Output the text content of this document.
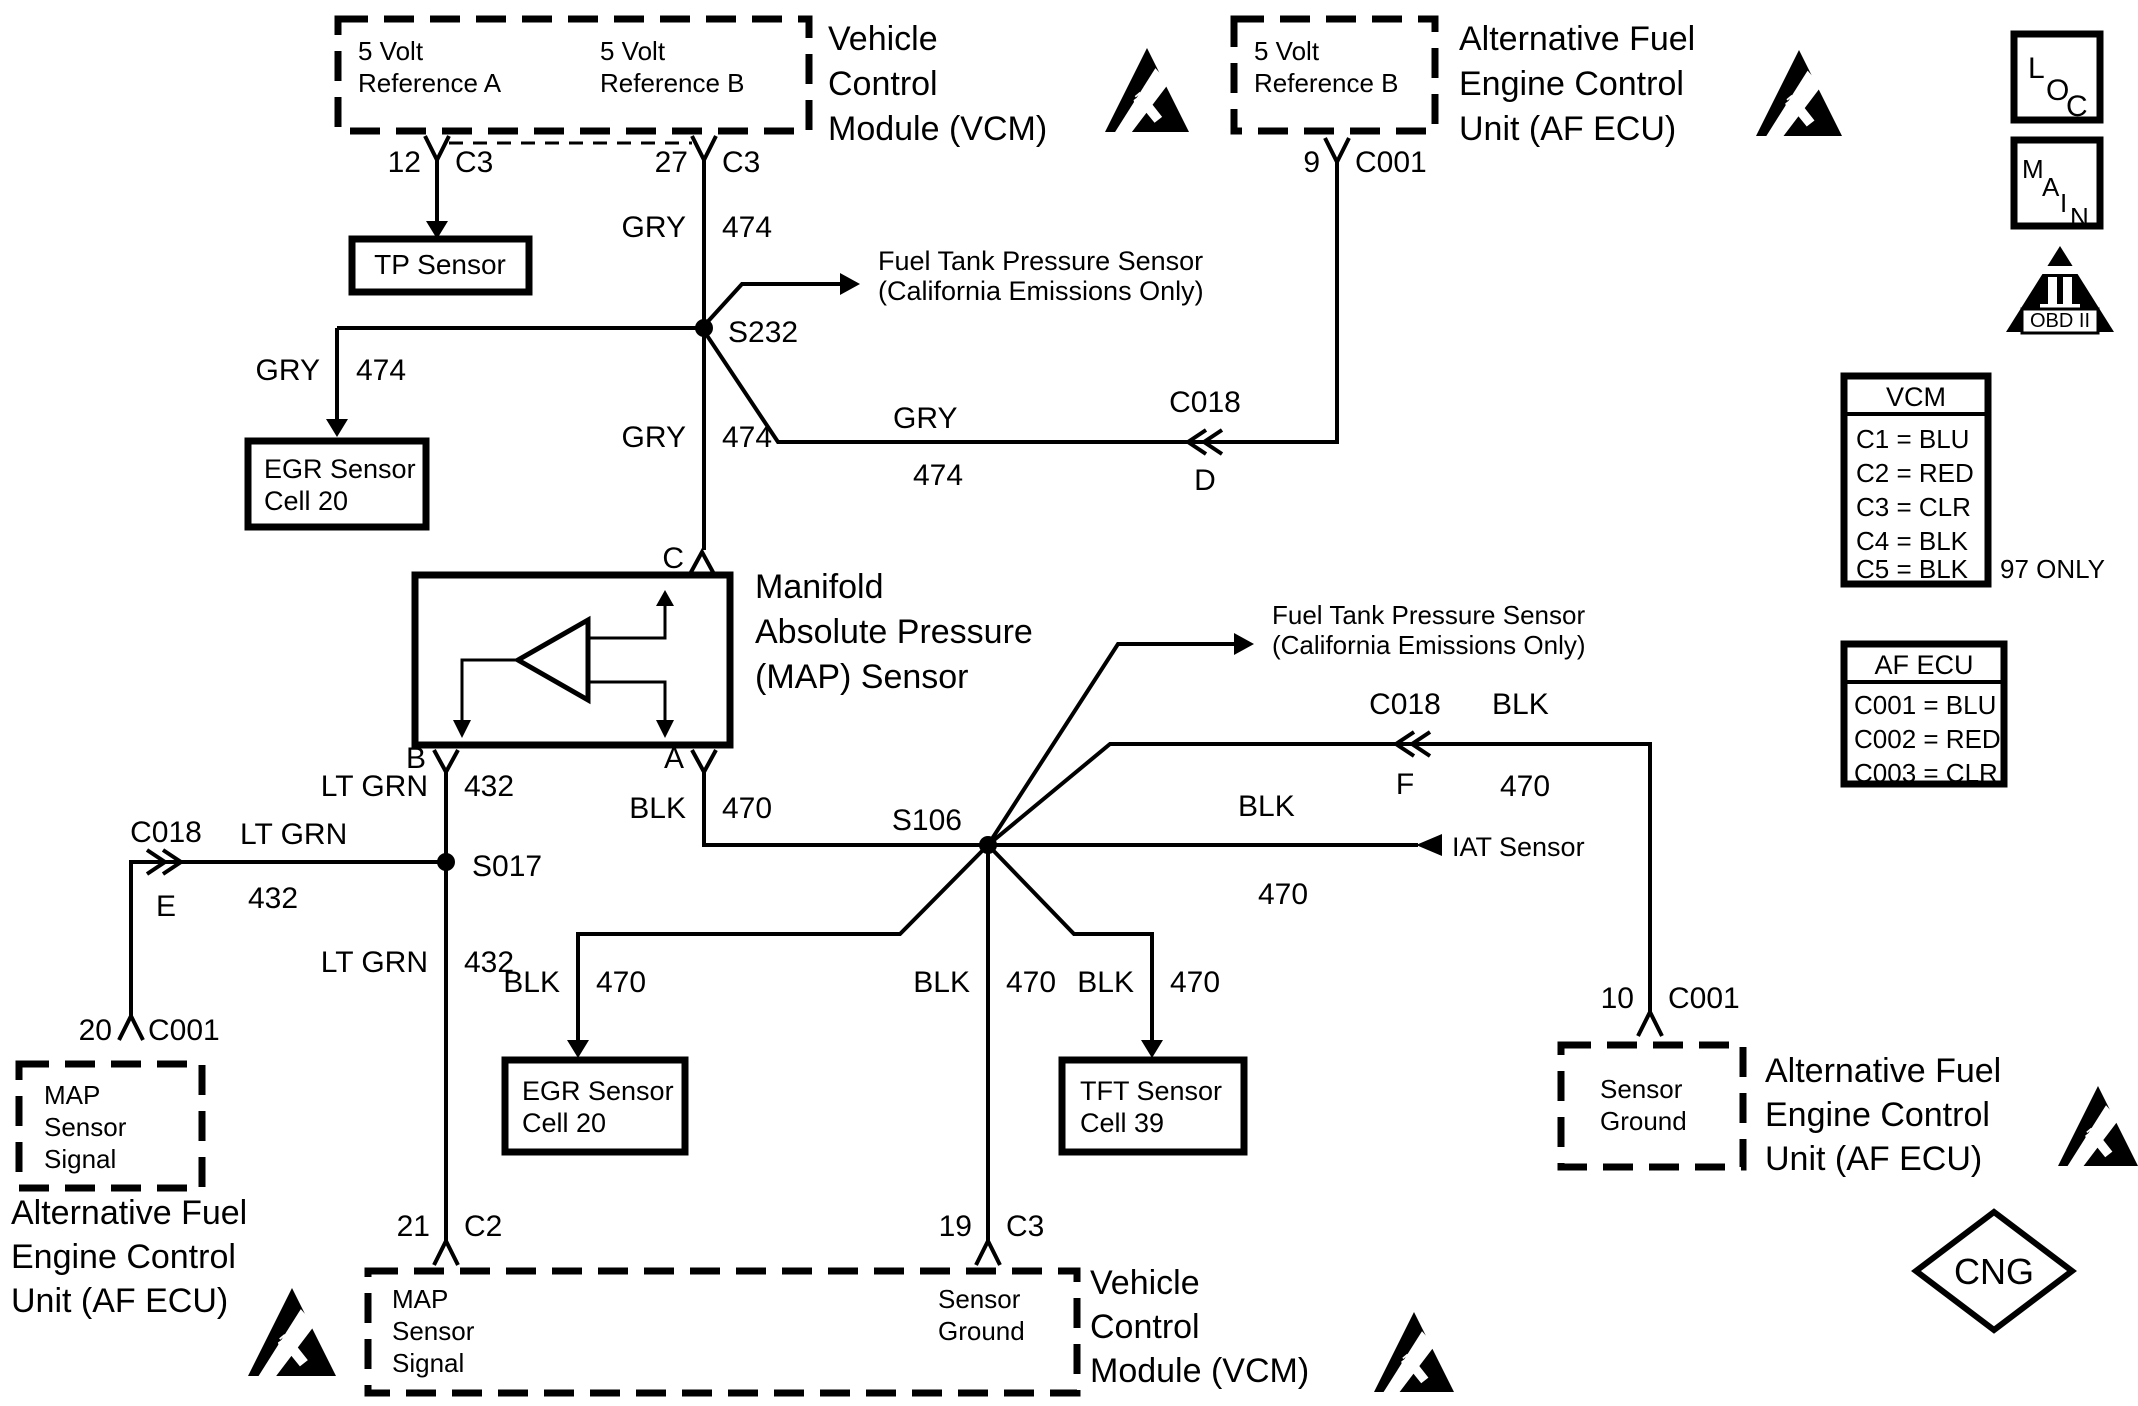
5 Volt
Reference A
5 Volt
Reference B
Vehicle
Control
Module (VCM)
5 Volt
Reference B
Alternative Fuel
Engine Control
Unit (AF ECU)
12 C3	27 C3
TP Sensor
GRY 474
S232
GRY 474
EGR Sensor
Cell 20
Fuel Tank Pressure Sensor
(California Emissions Only)
C018
D
GRY
474
9 C001
GRY 474
C
Manifold
Absolute Pressure
(MAP) Sensor
B	A
LT GRN 432
S017
LT GRN 432
C018
E
LT GRN
432
20 C001
MAP
Sensor
Signal
Alternative Fuel
Engine Control
Unit (AF ECU)
21 C2
BLK 470	S106
Fuel Tank Pressure Sensor
(California Emissions Only)
C018
F
BLK
470
BLK
470
IAT Sensor
EGR Sensor
Cell 20
TFT Sensor
Cell 39
19 C3
BLK 470	BLK 470 BLK 470	10 C001
Sensor
Ground
Alternative Fuel
Engine Control
Unit (AF ECU)
MAP
Sensor
Signal
Sensor
Ground
Vehicle
Control
Module (VCM)
L
O
C
M
A
I N
OBD II
VCM
C1 = BLU
C2 = RED
C3 = CLR
C4 = BLK
C5 = BLK 97 ONLY
AF ECU
C001 = BLU
C002 = RED
C003 = CLR
CNG
